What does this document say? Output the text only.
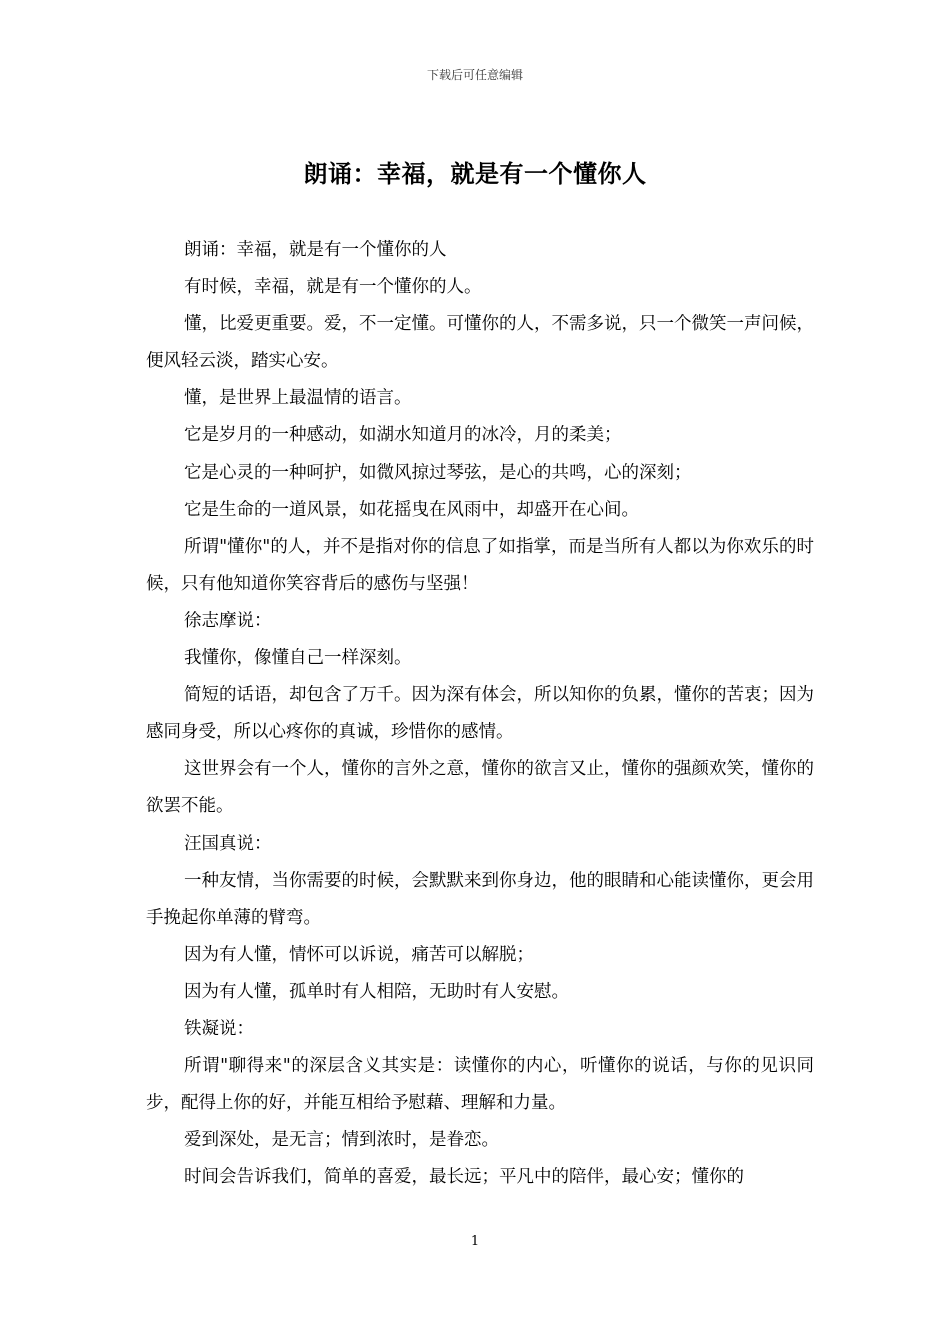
下载后可任意编辑
朗诵：幸福，就是有一个懂你人

朗诵：幸福，就是有一个懂你的人

有时候，幸福，就是有一个懂你的人。

懂，比爱更重要。爱，不一定懂。可懂你的人，不需多说，只一个微笑一声问候，便风轻云淡，踏实心安。

懂，是世界上最温情的语言。

它是岁月的一种感动，如湖水知道月的冰冷，月的柔美；

它是心灵的一种呵护，如微风掠过琴弦，是心的共鸣，心的深刻；

它是生命的一道风景，如花摇曳在风雨中，却盛开在心间。

所谓"懂你"的人，并不是指对你的信息了如指掌，而是当所有人都以为你欢乐的时候，只有他知道你笑容背后的感伤与坚强！

徐志摩说：

我懂你，像懂自己一样深刻。

简短的话语，却包含了万千。因为深有体会，所以知你的负累，懂你的苦衷；因为感同身受，所以心疼你的真诚，珍惜你的感情。

这世界会有一个人，懂你的言外之意，懂你的欲言又止，懂你的强颜欢笑，懂你的欲罢不能。

汪国真说：

一种友情，当你需要的时候，会默默来到你身边，他的眼睛和心能读懂你，更会用手挽起你单薄的臂弯。

因为有人懂，情怀可以诉说，痛苦可以解脱；

因为有人懂，孤单时有人相陪，无助时有人安慰。

铁凝说：

所谓"聊得来"的深层含义其实是：读懂你的内心，听懂你的说话，与你的见识同步，配得上你的好，并能互相给予慰藉、理解和力量。

爱到深处，是无言；情到浓时，是眷恋。

时间会告诉我们，简单的喜爱，最长远；平凡中的陪伴，最心安；懂你的

1
